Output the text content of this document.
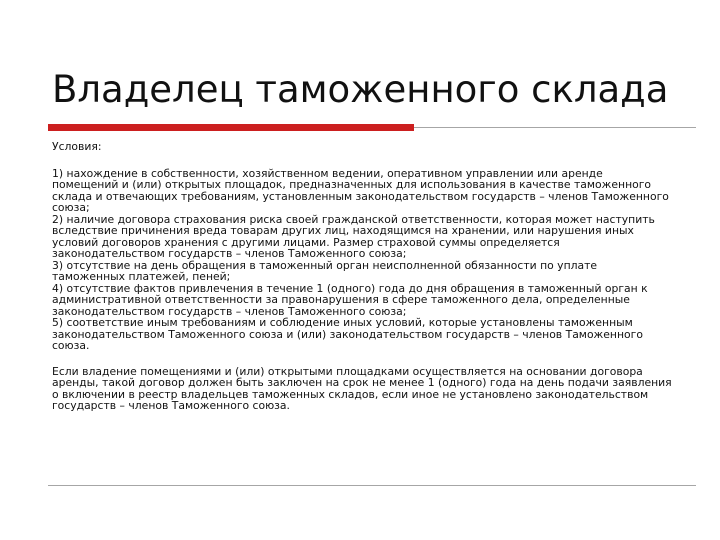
Владелец таможенного склада

Условия:

1) нахождение в собственности, хозяйственном ведении, оперативном управлении или аренде помещений и (или) открытых площадок, предназначенных для использования в качестве таможенного склада и отвечающих требованиям, установленным законодательством государств – членов Таможенного союза;

2) наличие договора страхования риска своей гражданской ответственности, которая может наступить вследствие причинения вреда товарам других лиц, находящимся на хранении, или нарушения иных условий договоров хранения с другими лицами. Размер страховой суммы определяется законодательством государств – членов Таможенного союза;

3) отсутствие на день обращения в таможенный орган неисполненной обязанности по уплате таможенных платежей, пеней;

4) отсутствие фактов привлечения в течение 1 (одного) года до дня обращения в таможенный орган к административной ответственности за правонарушения в сфере таможенного дела, определенные законодательством государств – членов Таможенного союза;

5) соответствие иным требованиям и соблюдение иных условий, которые установлены таможенным законодательством Таможенного союза и (или) законодательством государств – членов Таможенного союза.

Если владение помещениями и (или) открытыми площадками осуществляется на основании договора аренды, такой договор должен быть заключен на срок не менее 1 (одного) года на день подачи заявления о включении в реестр владельцев таможенных складов, если иное не установлено законодательством государств – членов Таможенного союза.
